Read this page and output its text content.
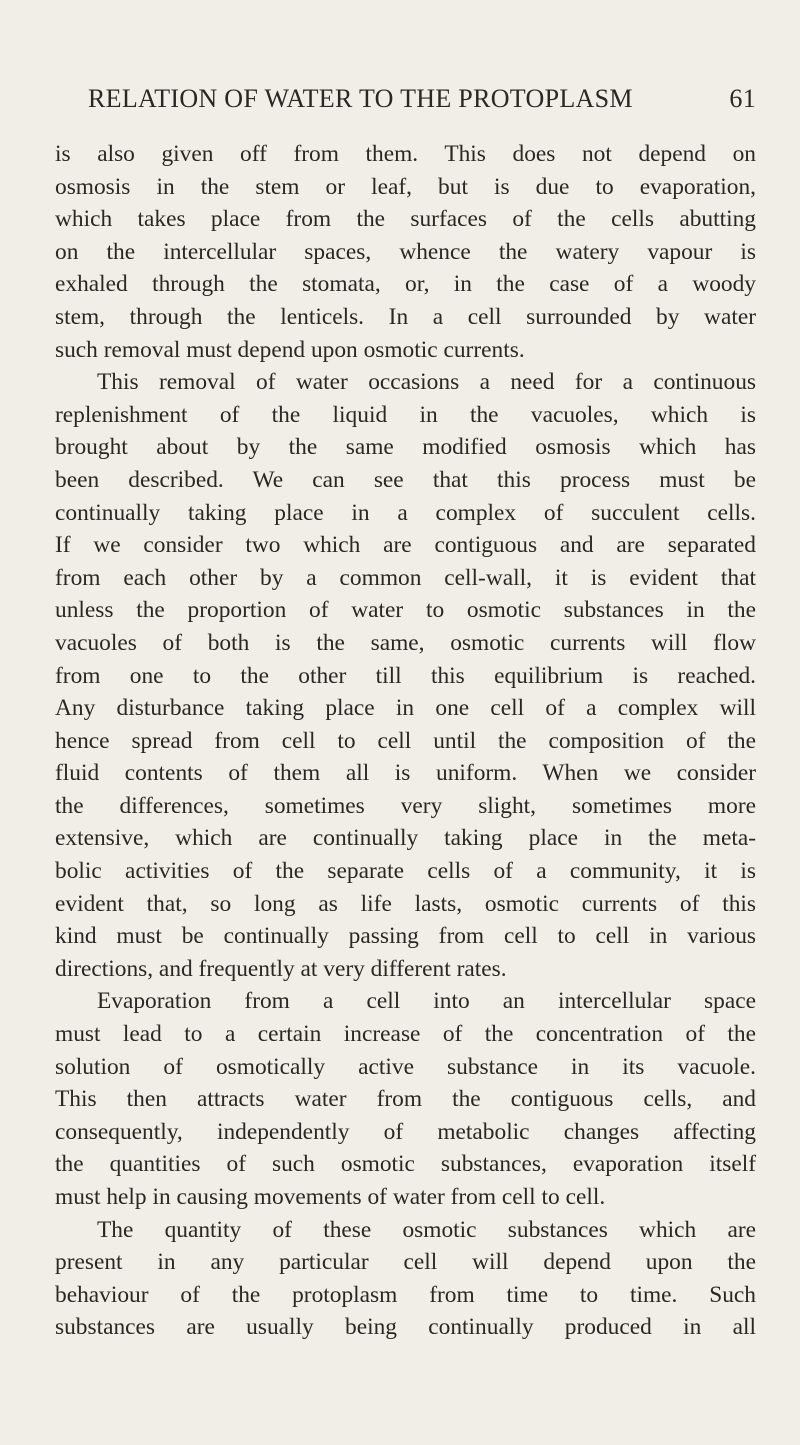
RELATION OF WATER TO THE PROTOPLASM	61
is also given off from them. This does not depend on
osmosis in the stem or leaf, but is due to evaporation,
which takes place from the surfaces of the cells abutting
on the intercellular spaces, whence the watery vapour is
exhaled through the stomata, or, in the case of a woody
stem, through the lenticels. In a cell surrounded by water
such removal must depend upon osmotic currents.
This removal of water occasions a need for a continuous
replenishment of the liquid in the vacuoles, which is
brought about by the same modified osmosis which has
been described. We can see that this process must be
continually taking place in a complex of succulent cells.
If we consider two which are contiguous and are separated
from each other by a common cell-wall, it is evident that
unless the proportion of water to osmotic substances in the
vacuoles of both is the same, osmotic currents will flow
from one to the other till this equilibrium is reached.
Any disturbance taking place in one cell of a complex will
hence spread from cell to cell until the composition of the
fluid contents of them all is uniform. When we consider
the differences, sometimes very slight, sometimes more
extensive, which are continually taking place in the meta-
bolic activities of the separate cells of a community, it is
evident that, so long as life lasts, osmotic currents of this
kind must be continually passing from cell to cell in various
directions, and frequently at very different rates.
Evaporation from a cell into an intercellular space
must lead to a certain increase of the concentration of the
solution of osmotically active substance in its vacuole.
This then attracts water from the contiguous cells, and
consequently, independently of metabolic changes affecting
the quantities of such osmotic substances, evaporation itself
must help in causing movements of water from cell to cell.
The quantity of these osmotic substances which are
present in any particular cell will depend upon the
behaviour of the protoplasm from time to time. Such
substances are usually being continually produced in all
